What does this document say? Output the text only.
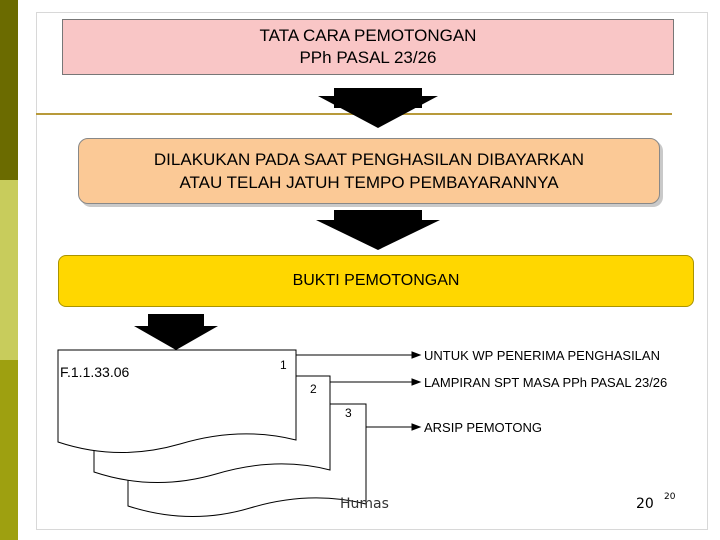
TATA CARA PEMOTONGAN
PPh PASAL 23/26
DILAKUKAN PADA SAAT PENGHASILAN DIBAYARKAN
ATAU TELAH JATUH TEMPO PEMBAYARANNYA
BUKTI PEMOTONGAN
F.1.1.33.06	1
2
3
UNTUK WP PENERIMA PENGHASILAN
LAMPIRAN SPT MASA PPh PASAL 23/26
ARSIP PEMOTONG
Humas	20 20
